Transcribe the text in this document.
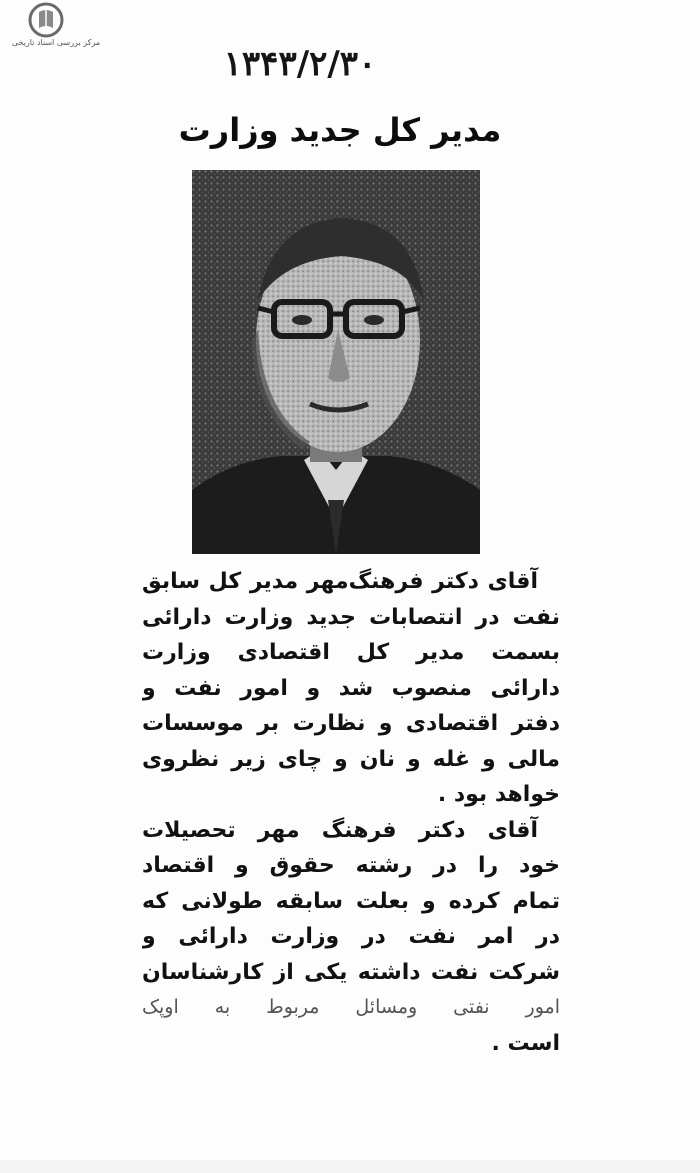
مرکز بررسی اسناد تاریخی
۱۳۴۳/۲/۳۰
مدیر کل جدید وزارت
آقای دکتر فرهنگ‌مهر مدیر کل سابق
نفت در انتصابات جدید وزارت دارائی
بسمت مدیر کل اقتصادی وزارت
دارائی منصوب شد و امور نفت و
دفتر اقتصادی و نظارت بر موسسات
مالی و غله و نان و چای زیر نظروی
خواهد بود .
آقای دکتر فرهنگ مهر تحصیلات
خود را در رشته حقوق و اقتصاد
تمام کرده و بعلت سابقه طولانی که
در امر نفت در وزارت دارائی و
شرکت نفت داشته یکی از کارشناسان
امور نفتی ومسائل مربوط به اوپک
است .
